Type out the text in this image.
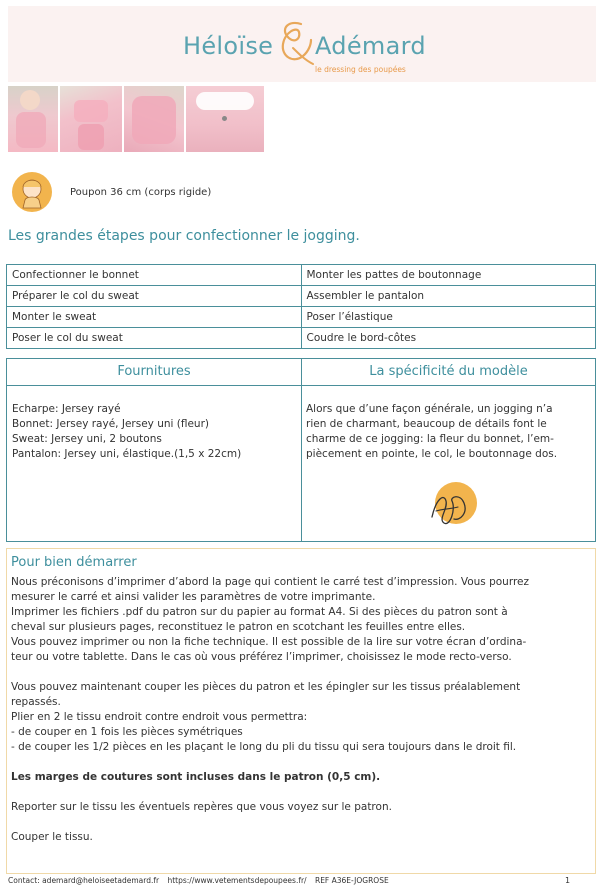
Héloïse Adémard
le dressing des poupées
Poupon 36 cm (corps rigide)
Les grandes étapes pour confectionner le jogging.
Confectionner le bonnet	Monter les pattes de boutonnage
Préparer le col du sweat	Assembler le pantalon
Monter le sweat	Poser l’élastique
Poser le col du sweat	Coudre le bord-côtes
Fournitures
Echarpe: Jersey rayé
Bonnet: Jersey rayé, Jersey uni (fleur)
Sweat: Jersey uni, 2 boutons
Pantalon: Jersey uni, élastique.(1,5 x 22cm)
La spécificité du modèle
Alors que d’une façon générale, un jogging n’a
rien de charmant, beaucoup de détails font le
charme de ce jogging: la fleur du bonnet, l’em-
piècement en pointe, le col, le boutonnage dos.
Pour bien démarrer

Nous préconisons d’imprimer d’abord la page qui contient le carré test d’impression. Vous pourrez

mesurer le carré et ainsi valider les paramètres de votre imprimante.

Imprimer les fichiers .pdf du patron sur du papier au format A4. Si des pièces du patron sont à

cheval sur plusieurs pages, reconstituez le patron en scotchant les feuilles entre elles.

Vous pouvez imprimer ou non la fiche technique. Il est possible de la lire sur votre écran d’ordina-

teur ou votre tablette. Dans le cas où vous préférez l’imprimer, choisissez le mode recto-verso.

Vous pouvez maintenant couper les pièces du patron et les épingler sur les tissus préalablement

repassés.

Plier en 2 le tissu endroit contre endroit vous permettra:

- de couper en 1 fois les pièces symétriques

- de couper les 1/2 pièces en les plaçant le long du pli du tissu qui sera toujours dans le droit fil.

Les marges de coutures sont incluses dans le patron (0,5 cm).

Reporter sur le tissu les éventuels repères que vous voyez sur le patron.

Couper le tissu.

Contact: ademard@heloiseetademard.fr https://www.vetementsdepoupees.fr/ REF A36E-JOGROSE	1
